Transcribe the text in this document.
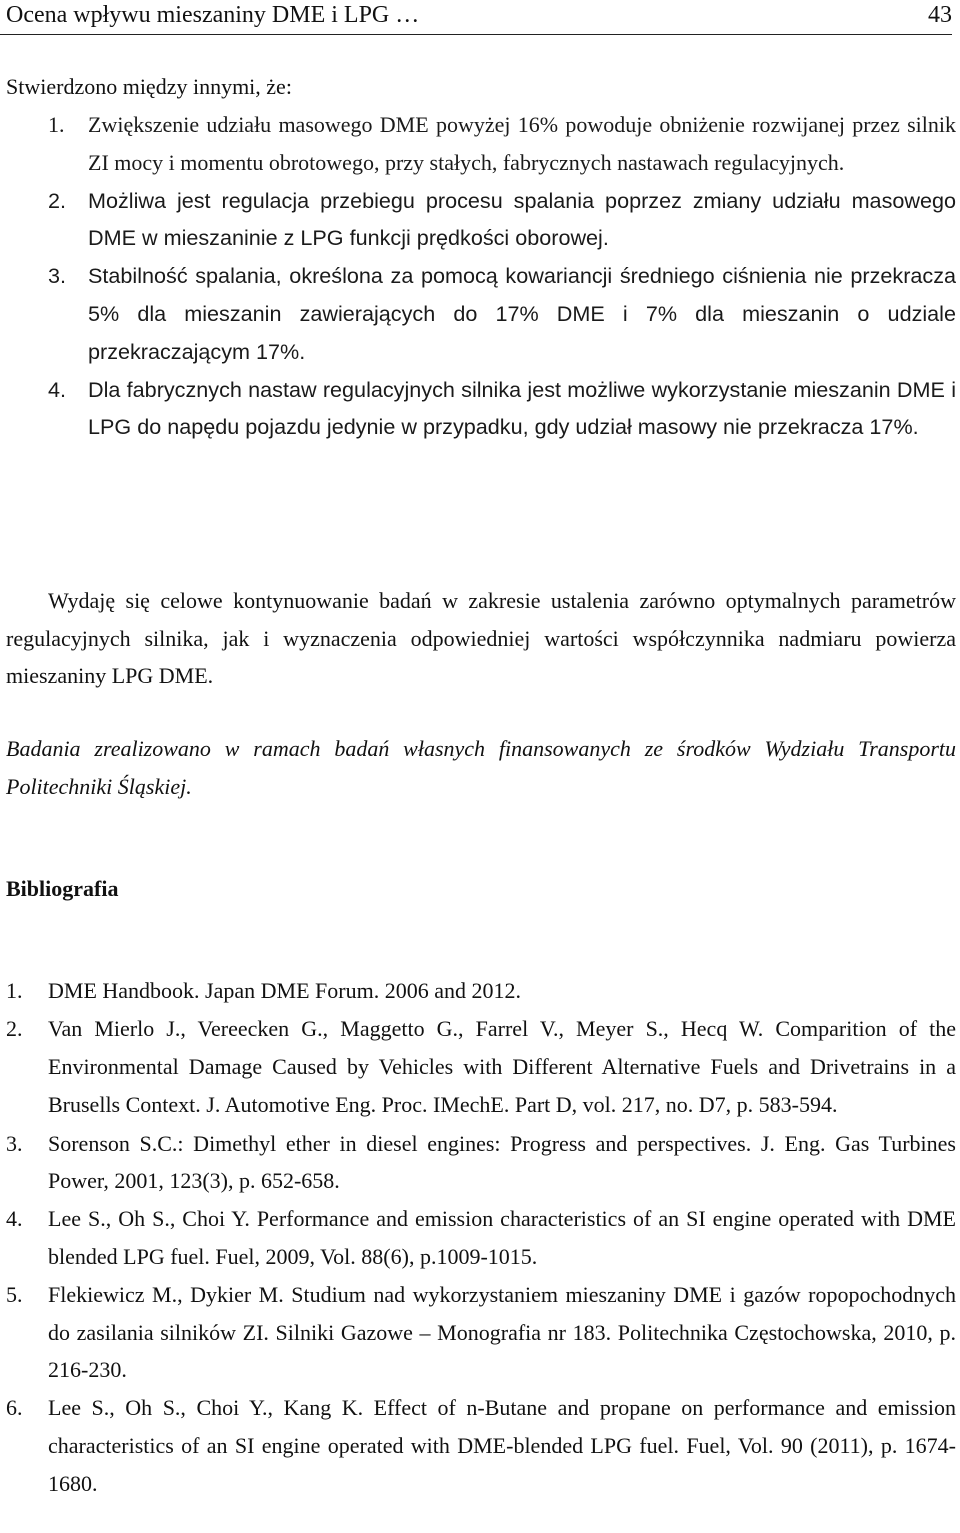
Ocena wpływu mieszaniny DME i LPG …	43
Stwierdzono między innymi, że:
1. Zwiększenie udziału masowego DME powyżej 16% powoduje obniżenie rozwijanej przez silnik ZI mocy i momentu obrotowego, przy stałych, fabrycznych nastawach regulacyjnych.
2. Możliwa jest regulacja przebiegu procesu spalania poprzez zmiany udziału masowego DME w mieszaninie z LPG funkcji prędkości oborowej.
3. Stabilność spalania, określona za pomocą kowariancji średniego ciśnienia nie przekracza 5% dla mieszanin zawierających do 17% DME i 7% dla mieszanin o udziale przekraczającym 17%.
4. Dla fabrycznych nastaw regulacyjnych silnika jest możliwe wykorzystanie mieszanin DME i LPG do napędu pojazdu jedynie w przypadku, gdy udział masowy nie przekracza 17%.

Wydaję się celowe kontynuowanie badań w zakresie ustalenia zarówno optymalnych parametrów regulacyjnych silnika, jak i wyznaczenia odpowiedniej wartości współczynnika nadmiaru powierza mieszaniny LPG DME.

Badania zrealizowano w ramach badań własnych finansowanych ze środków Wydziału Transportu Politechniki Śląskiej.

Bibliografia
1. DME Handbook. Japan DME Forum. 2006 and 2012.
2. Van Mierlo J., Vereecken G., Maggetto G., Farrel V., Meyer S., Hecq W. Comparition of the Environmental Damage Caused by Vehicles with Different Alternative Fuels and Drivetrains in a Brusells Context. J. Automotive Eng. Proc. IMechE. Part D, vol. 217, no. D7, p. 583-594.
3. Sorenson S.C.: Dimethyl ether in diesel engines: Progress and perspectives. J. Eng. Gas Turbines Power, 2001, 123(3), p. 652-658.
4. Lee S., Oh S., Choi Y. Performance and emission characteristics of an SI engine operated with DME blended LPG fuel. Fuel, 2009, Vol. 88(6), p.1009-1015.
5. Flekiewicz M., Dykier M. Studium nad wykorzystaniem mieszaniny DME i gazów ropopochodnych do zasilania silników ZI. Silniki Gazowe – Monografia nr 183. Politechnika Częstochowska, 2010, p. 216-230.
6. Lee S., Oh S., Choi Y., Kang K. Effect of n-Butane and propane on performance and emission characteristics of an SI engine operated with DME-blended LPG fuel. Fuel, Vol. 90 (2011), p. 1674-1680.
